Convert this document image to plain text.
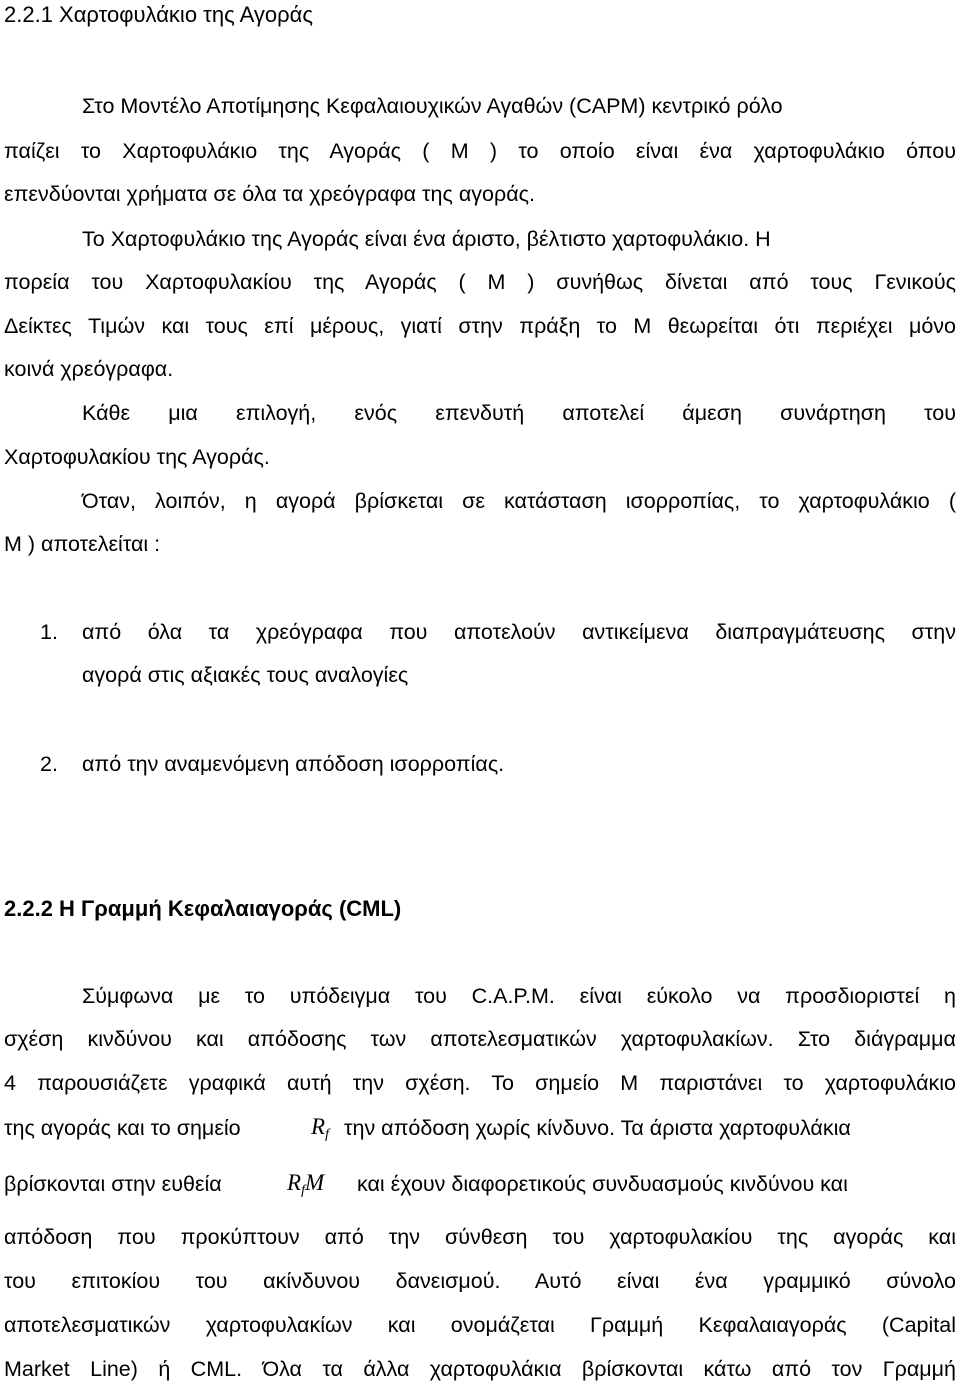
2.2.1 Χαρτοφυλάκιο της Αγοράς
Στο Μοντέλο Αποτίμησης Κεφαλαιουχικών Αγαθών (CAPM) κεντρικό ρόλο
παίζει το Χαρτοφυλάκιο της Αγοράς ( Μ ) το οποίο είναι ένα χαρτοφυλάκιο όπου
επενδύονται χρήματα σε όλα τα χρεόγραφα της αγοράς.
Το Χαρτοφυλάκιο της Αγοράς είναι ένα άριστο, βέλτιστο χαρτοφυλάκιο. Η
πορεία του Χαρτοφυλακίου της Αγοράς ( Μ ) συνήθως δίνεται από τους Γενικούς
Δείκτες Τιμών και τους επί μέρους, γιατί στην πράξη το Μ θεωρείται ότι περιέχει μόνο
κοινά χρεόγραφα.
Κάθε μια επιλογή, ενός επενδυτή αποτελεί άμεση συνάρτηση του
Χαρτοφυλακίου της Αγοράς.
Όταν, λοιπόν, η αγορά βρίσκεται σε κατάσταση ισορροπίας, το χαρτοφυλάκιο (
Μ ) αποτελείται :
1. από όλα τα χρεόγραφα που αποτελούν αντικείμενα διαπραγμάτευσης στην
αγορά στις αξιακές τους αναλογίες
2. από την αναμενόμενη απόδοση ισορροπίας.
2.2.2 Η Γραμμή Κεφαλαιαγοράς (CML)
Σύμφωνα με το υπόδειγμα του C.A.P.M. είναι εύκολο να προσδιοριστεί η
σχέση κινδύνου και απόδοσης των αποτελεσματικών χαρτοφυλακίων. Στο διάγραμμα
4 παρουσιάζετε γραφικά αυτή την σχέση. Το σημείο Μ παριστάνει το χαρτοφυλάκιο
της αγοράς και το σημείο	$R_f$ την απόδοση χωρίς κίνδυνο. Τα άριστα χαρτοφυλάκια
βρίσκονται στην ευθεία	$R_fM$ και έχουν διαφορετικούς συνδυασμούς κινδύνου και
απόδοση που προκύπτουν από την σύνθεση του χαρτοφυλακίου της αγοράς και
του επιτοκίου του ακίνδυνου δανεισμού. Αυτό είναι ένα γραμμικό σύνολο
αποτελεσματικών χαρτοφυλακίων και ονομάζεται Γραμμή Κεφαλαιαγοράς (Capital
Market Line) ή CML. Όλα τα άλλα χαρτοφυλάκια βρίσκονται κάτω από τον Γραμμή
